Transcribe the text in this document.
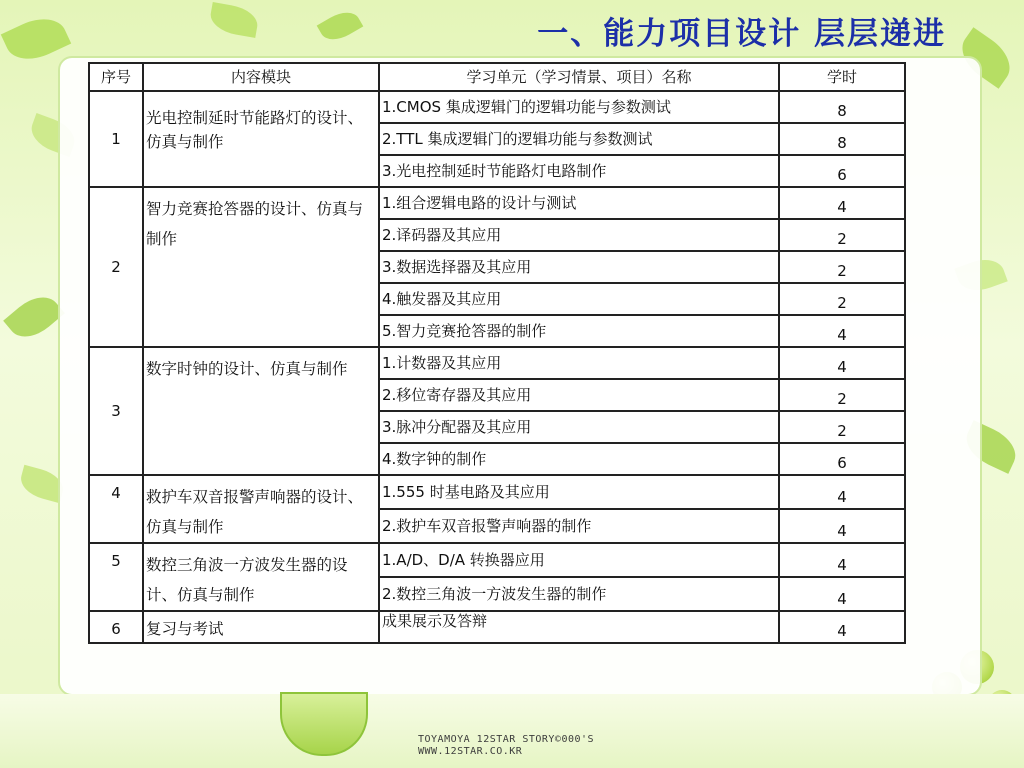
一、能力项目设计 层层递进
序号	内容模块	学习单元（学习情景、项目）名称	学时
1	光电控制延时节能路灯的设计、仿真与制作	1.CMOS 集成逻辑门的逻辑功能与参数测试	8
		2.TTL 集成逻辑门的逻辑功能与参数测试	8
		3.光电控制延时节能路灯电路制作	6
2	智力竞赛抢答器的设计、仿真与制作	1.组合逻辑电路的设计与测试	4
		2.译码器及其应用	2
		3.数据选择器及其应用	2
		4.触发器及其应用	2
		5.智力竞赛抢答器的制作	4
3	数字时钟的设计、仿真与制作	1.计数器及其应用	4
		2.移位寄存器及其应用	2
		3.脉冲分配器及其应用	2
		4.数字钟的制作	6
4	救护车双音报警声响器的设计、仿真与制作	1.555 时基电路及其应用	4
		2.救护车双音报警声响器的制作	4
5	数控三角波一方波发生器的设计、仿真与制作	1.A/D、D/A 转换器应用	4
		2.数控三角波一方波发生器的制作	4
6	复习与考试	成果展示及答辩	4
TOYAMOYA 12STAR STORY©000'S
WWW.12STAR.CO.KR
